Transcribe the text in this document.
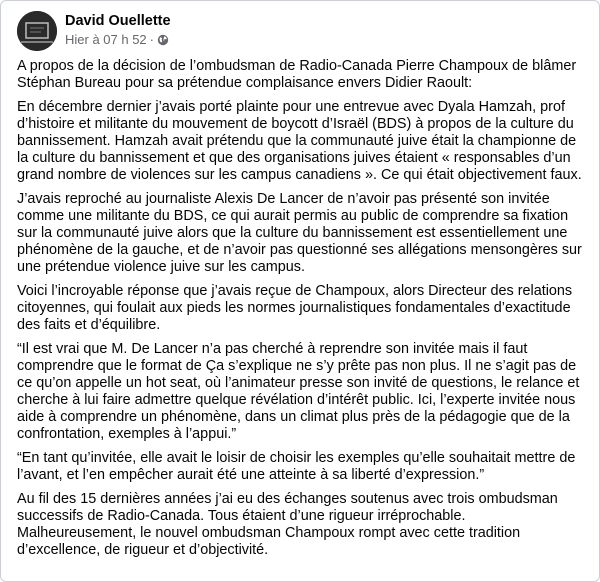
David Ouellette
Hier à 07 h 52 ·

A propos de la décision de l’ombudsman de Radio-Canada Pierre Champoux de blâmer Stéphan Bureau pour sa prétendue complaisance envers Didier Raoult:

En décembre dernier j’avais porté plainte pour une entrevue avec Dyala Hamzah, prof d’histoire et militante du mouvement de boycott d’Israël (BDS) à propos de la culture du bannissement. Hamzah avait prétendu que la communauté juive était la championne de la culture du bannissement et que des organisations juives étaient « responsables d’un grand nombre de violences sur les campus canadiens ». Ce qui était objectivement faux.

J’avais reproché au journaliste Alexis De Lancer de n’avoir pas présenté son invitée comme une militante du BDS, ce qui aurait permis au public de comprendre sa fixation sur la communauté juive alors que la culture du bannissement est essentiellement une phénomène de la gauche, et de n’avoir pas questionné ses allégations mensongères sur une prétendue violence juive sur les campus.

Voici l’incroyable réponse que j’avais reçue de Champoux, alors Directeur des relations citoyennes, qui foulait aux pieds les normes journalistiques fondamentales d’exactitude des faits et d’équilibre.

“Il est vrai que M. De Lancer n’a pas cherché à reprendre son invitée mais il faut comprendre que le format de Ça s’explique ne s’y prête pas non plus. Il ne s’agit pas de ce qu’on appelle un hot seat, où l’animateur presse son invité de questions, le relance et cherche à lui faire admettre quelque révélation d’intérêt public. Ici, l’experte invitée nous aide à comprendre un phénomène, dans un climat plus près de la pédagogie que de la confrontation, exemples à l’appui.”

“En tant qu’invitée, elle avait le loisir de choisir les exemples qu’elle souhaitait mettre de l’avant, et l’en empêcher aurait été une atteinte à sa liberté d’expression.”

Au fil des 15 dernières années j’ai eu des échanges soutenus avec trois ombudsman successifs de Radio-Canada. Tous étaient d’une rigueur irréprochable. Malheureusement, le nouvel ombudsman Champoux rompt avec cette tradition d’excellence, de rigueur et d’objectivité.
